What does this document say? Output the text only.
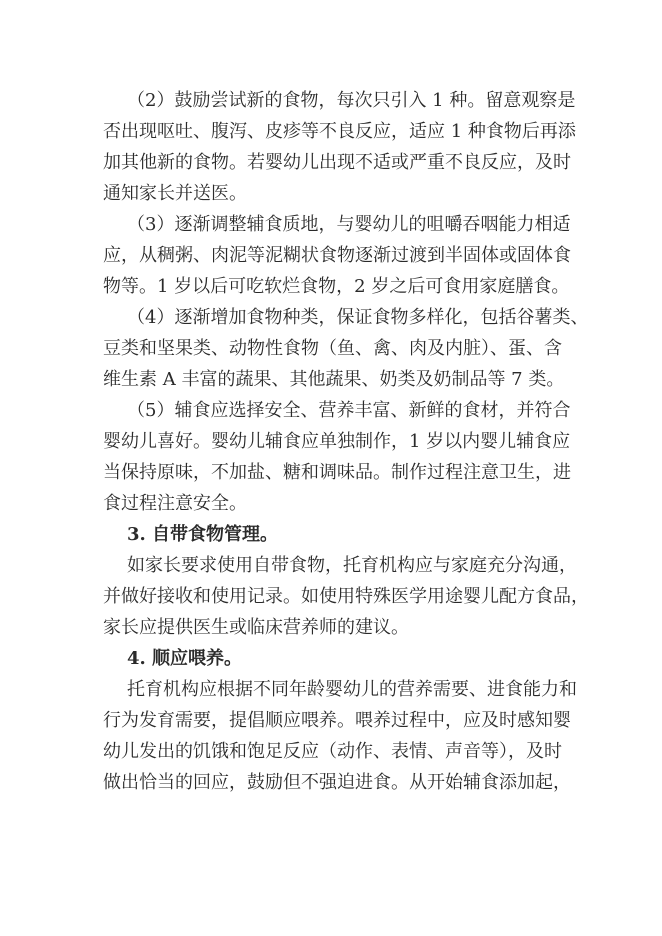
（2）鼓励尝试新的食物，每次只引入 1 种。留意观察是
否出现呕吐、腹泻、皮疹等不良反应，适应 1 种食物后再添
加其他新的食物。若婴幼儿出现不适或严重不良反应，及时
通知家长并送医。
（3）逐渐调整辅食质地，与婴幼儿的咀嚼吞咽能力相适
应，从稠粥、肉泥等泥糊状食物逐渐过渡到半固体或固体食
物等。1 岁以后可吃软烂食物，2 岁之后可食用家庭膳食。
（4）逐渐增加食物种类，保证食物多样化，包括谷薯类、
豆类和坚果类、动物性食物（鱼、禽、肉及内脏）、蛋、含
维生素 A 丰富的蔬果、其他蔬果、奶类及奶制品等 7 类。
（5）辅食应选择安全、营养丰富、新鲜的食材，并符合
婴幼儿喜好。婴幼儿辅食应单独制作，1 岁以内婴儿辅食应
当保持原味，不加盐、糖和调味品。制作过程注意卫生，进
食过程注意安全。
3. 自带食物管理。
如家长要求使用自带食物，托育机构应与家庭充分沟通，
并做好接收和使用记录。如使用特殊医学用途婴儿配方食品，
家长应提供医生或临床营养师的建议。
4. 顺应喂养。
托育机构应根据不同年龄婴幼儿的营养需要、进食能力和
行为发育需要，提倡顺应喂养。喂养过程中，应及时感知婴
幼儿发出的饥饿和饱足反应（动作、表情、声音等），及时
做出恰当的回应，鼓励但不强迫进食。从开始辅食添加起，
